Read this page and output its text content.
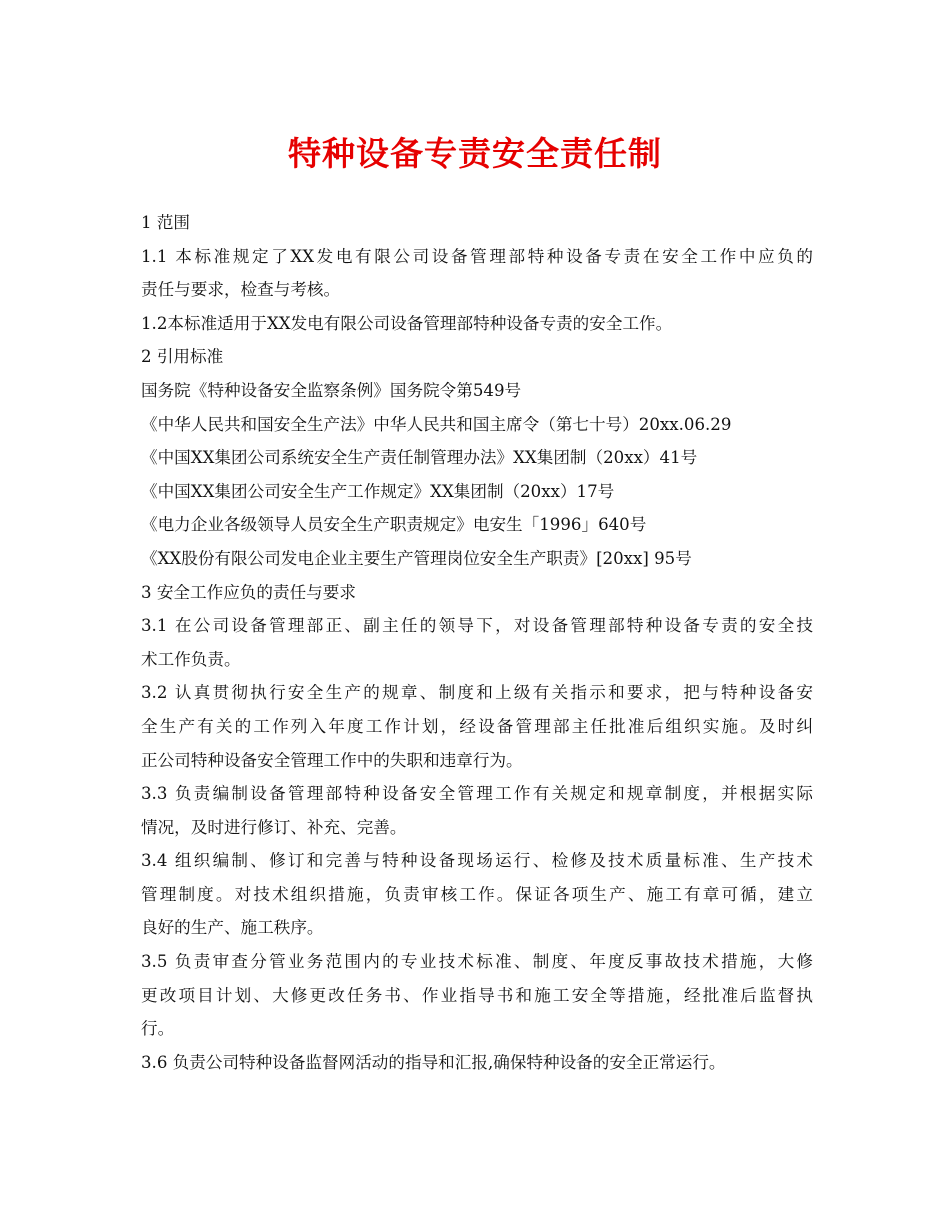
特种设备专责安全责任制
1 范围
1.1 本标准规定了XX发电有限公司设备管理部特种设备专责在安全工作中应负的
责任与要求，检查与考核。
1.2本标准适用于XX发电有限公司设备管理部特种设备专责的安全工作。
2 引用标准
国务院《特种设备安全监察条例》国务院令第549号
《中华人民共和国安全生产法》中华人民共和国主席令（第七十号）20xx.06.29
《中国XX集团公司系统安全生产责任制管理办法》XX集团制（20xx）41号
《中国XX集团公司安全生产工作规定》XX集团制（20xx）17号
《电力企业各级领导人员安全生产职责规定》电安生「1996」640号
《XX股份有限公司发电企业主要生产管理岗位安全生产职责》[20xx] 95号
3 安全工作应负的责任与要求
3.1 在公司设备管理部正、副主任的领导下，对设备管理部特种设备专责的安全技
术工作负责。
3.2 认真贯彻执行安全生产的规章、制度和上级有关指示和要求，把与特种设备安
全生产有关的工作列入年度工作计划，经设备管理部主任批准后组织实施。及时纠
正公司特种设备安全管理工作中的失职和违章行为。
3.3 负责编制设备管理部特种设备安全管理工作有关规定和规章制度，并根据实际
情况，及时进行修订、补充、完善。
3.4 组织编制、修订和完善与特种设备现场运行、检修及技术质量标准、生产技术
管理制度。对技术组织措施，负责审核工作。保证各项生产、施工有章可循，建立
良好的生产、施工秩序。
3.5 负责审查分管业务范围内的专业技术标准、制度、年度反事故技术措施，大修
更改项目计划、大修更改任务书、作业指导书和施工安全等措施，经批准后监督执
行。
3.6 负责公司特种设备监督网活动的指导和汇报,确保特种设备的安全正常运行。
